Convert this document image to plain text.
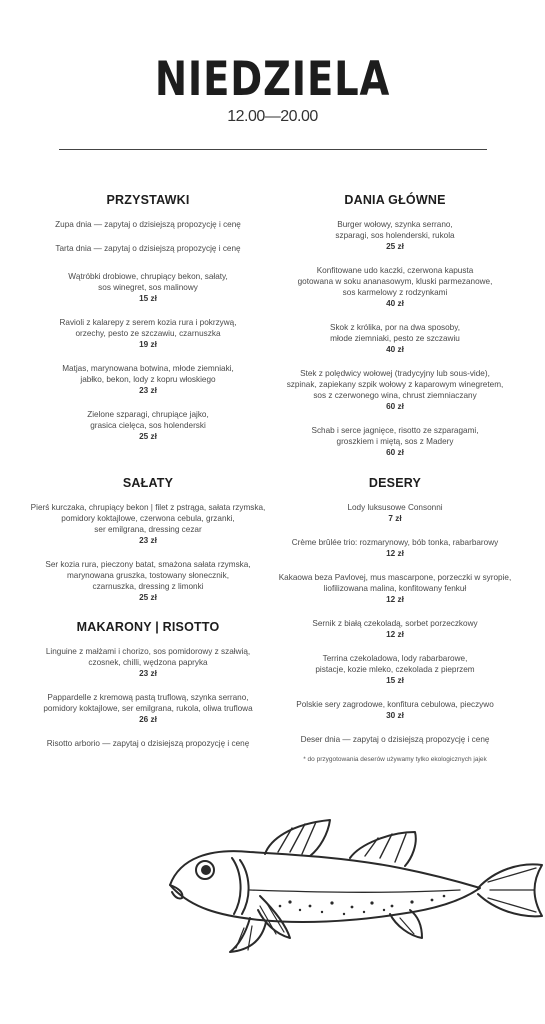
NIEDZIELA
12.00—20.00
PRZYSTAWKI
Zupa dnia — zapytaj o dzisiejszą propozycję i cenę
Tarta dnia — zapytaj o dzisiejszą propozycję i cenę
Wątróbki drobiowe, chrupiący bekon, sałaty,
sos winegret, sos malinowy
15 zł
Ravioli z kalarepy z serem kozia rura i pokrzywą,
orzechy, pesto ze szczawiu, czarnuszka
19 zł
Matjas, marynowana botwina, młode ziemniaki,
jabłko, bekon, lody z kopru włoskiego
23 zł
Zielone szparagi, chrupiące jajko,
grasica cielęca, sos holenderski
25 zł
SAŁATY
Pierś kurczaka, chrupiący bekon | filet z pstrąga, sałata rzymska,
pomidory koktajlowe, czerwona cebula, grzanki,
ser emilgrana, dressing cezar
23 zł
Ser kozia rura, pieczony batat, smażona sałata rzymska,
marynowana gruszka, tostowany słonecznik,
czarnuszka, dressing z limonki
25 zł
MAKARONY | RISOTTO
Linguine z małżami i chorizo, sos pomidorowy z szałwią,
czosnek, chilli, wędzona papryka
23 zł
Pappardelle z kremową pastą truflową, szynka serrano,
pomidory koktajlowe, ser emilgrana, rukola, oliwa truflowa
26 zł
Risotto arborio — zapytaj o dzisiejszą propozycję i cenę
DANIA GŁÓWNE
Burger wołowy, szynka serrano,
szparagi, sos holenderski, rukola
25 zł
Konfitowane udo kaczki, czerwona kapusta
gotowana w soku ananasowym, kluski parmezanowe,
sos karmelowy z rodzynkami
40 zł
Skok z królika, por na dwa sposoby,
młode ziemniaki, pesto ze szczawiu
40 zł
Stek z polędwicy wołowej (tradycyjny lub sous-vide),
szpinak, zapiekany szpik wołowy z kaparowym winegretem,
sos z czerwonego wina, chrust ziemniaczany
60 zł
Schab i serce jagnięce, risotto ze szparagami,
groszkiem i miętą, sos z Madery
60 zł
DESERY
Lody luksusowe Consonni
7 zł
Crème brûlée trio: rozmarynowy, bób tonka, rabarbarowy
12 zł
Kakaowa beza Pavlovej, mus mascarpone, porzeczki w syropie,
liofilizowana malina, konfitowany fenkuł
12 zł
Sernik z białą czekoladą, sorbet porzeczkowy
12 zł
Terrina czekoladowa, lody rabarbarowe,
pistacje, kozie mleko, czekolada z pieprzem
15 zł
Polskie sery zagrodowe, konfitura cebulowa, pieczywo
30 zł
Deser dnia — zapytaj o dzisiejszą propozycję i cenę
* do przygotowania deserów używamy tylko ekologicznych jajek
